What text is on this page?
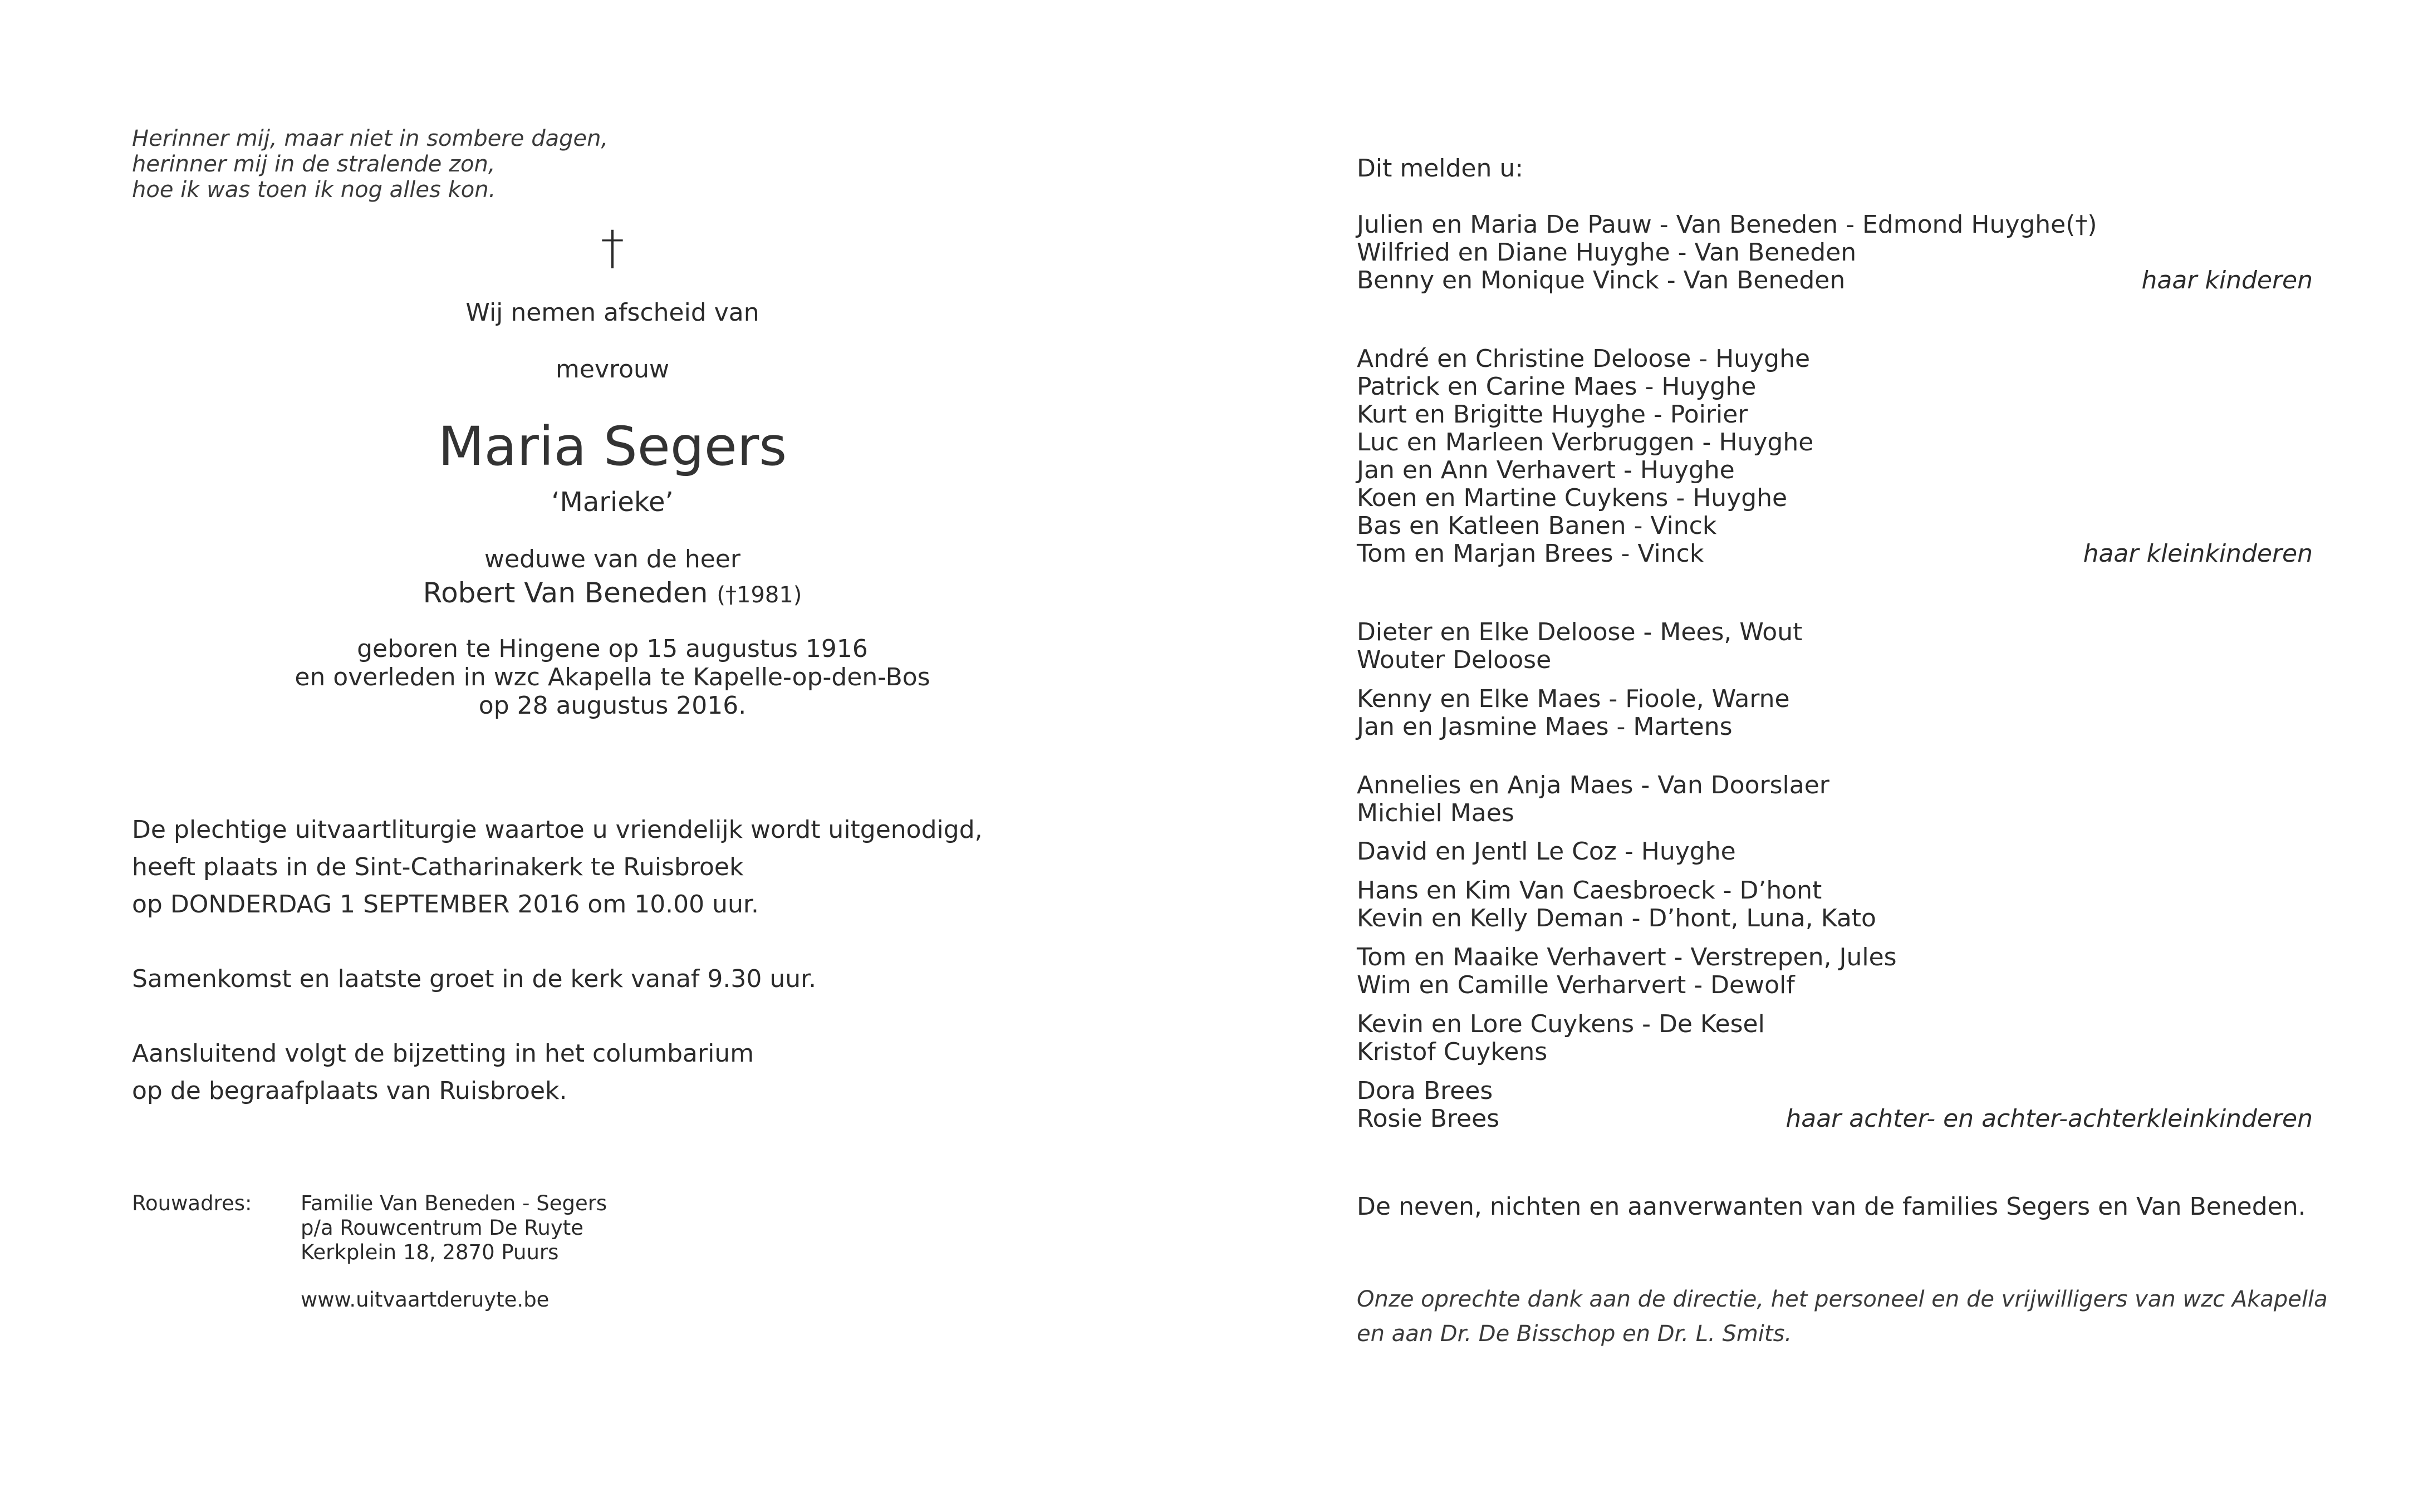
Herinner mij, maar niet in sombere dagen,
herinner mij in de stralende zon,
hoe ik was toen ik nog alles kon.
†
Wij nemen afscheid van
mevrouw
Maria Segers
‘Marieke’
weduwe van de heer
Robert Van Beneden (†1981)
geboren te Hingene op 15 augustus 1916
en overleden in wzc Akapella te Kapelle-op-den-Bos
op 28 augustus 2016.
De plechtige uitvaartliturgie waartoe u vriendelijk wordt uitgenodigd,
heeft plaats in de Sint-Catharinakerk te Ruisbroek
op DONDERDAG 1 SEPTEMBER 2016 om 10.00 uur.
Samenkomst en laatste groet in de kerk vanaf 9.30 uur.
Aansluitend volgt de bijzetting in het columbarium
op de begraafplaats van Ruisbroek.
Rouwadres: Familie Van Beneden - Segers
p/a Rouwcentrum De Ruyte
Kerkplein 18, 2870 Puurs
www.uitvaartderuyte.be
Dit melden u:
Julien en Maria De Pauw - Van Beneden - Edmond Huyghe(†)
Wilfried en Diane Huyghe - Van Beneden
Benny en Monique Vinck - Van Beneden	haar kinderen
André en Christine Deloose - Huyghe
Patrick en Carine Maes - Huyghe
Kurt en Brigitte Huyghe - Poirier
Luc en Marleen Verbruggen - Huyghe
Jan en Ann Verhavert - Huyghe
Koen en Martine Cuykens - Huyghe
Bas en Katleen Banen - Vinck
Tom en Marjan Brees - Vinck	haar kleinkinderen
Dieter en Elke Deloose - Mees, Wout
Wouter Deloose
Kenny en Elke Maes - Fioole, Warne
Jan en Jasmine Maes - Martens
Annelies en Anja Maes - Van Doorslaer
Michiel Maes
David en Jentl Le Coz - Huyghe
Hans en Kim Van Caesbroeck - D’hont
Kevin en Kelly Deman - D’hont, Luna, Kato
Tom en Maaike Verhavert - Verstrepen, Jules
Wim en Camille Verharvert - Dewolf
Kevin en Lore Cuykens - De Kesel
Kristof Cuykens
Dora Brees
Rosie Brees	haar achter- en achter-achterkleinkinderen
De neven, nichten en aanverwanten van de families Segers en Van Beneden.
Onze oprechte dank aan de directie, het personeel en de vrijwilligers van wzc Akapella
en aan Dr. De Bisschop en Dr. L. Smits.
